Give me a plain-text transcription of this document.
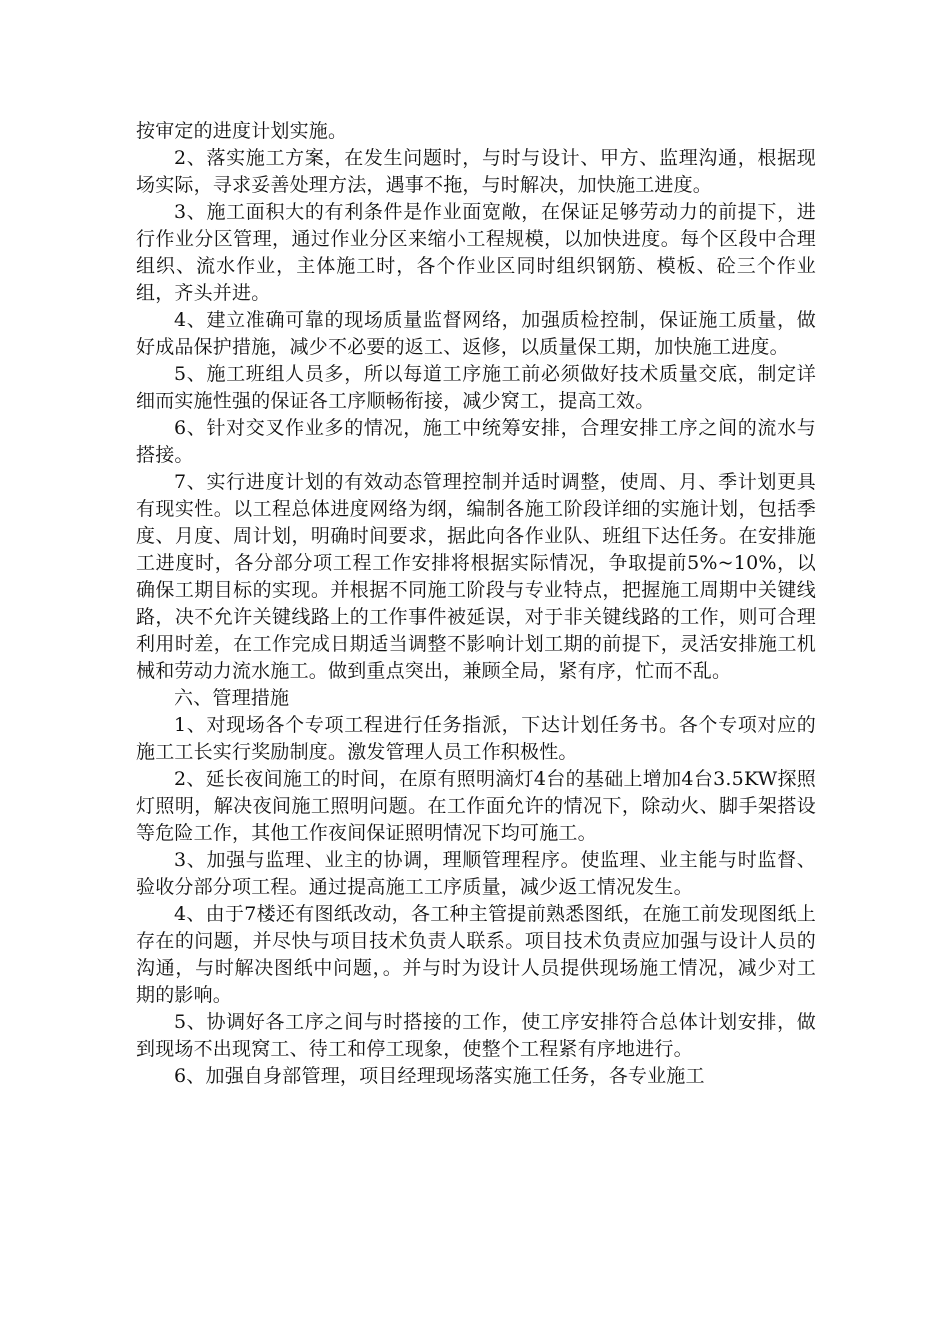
按审定的进度计划实施。

2、落实施工方案，在发生问题时，与时与设计、甲方、监理沟通，根据现场实际，寻求妥善处理方法，遇事不拖，与时解决，加快施工进度。

3、施工面积大的有利条件是作业面宽敞，在保证足够劳动力的前提下，进行作业分区管理，通过作业分区来缩小工程规模，以加快进度。每个区段中合理组织、流水作业，主体施工时，各个作业区同时组织钢筋、模板、砼三个作业组，齐头并进。

4、建立准确可靠的现场质量监督网络，加强质检控制，保证施工质量，做好成品保护措施，减少不必要的返工、返修，以质量保工期，加快施工进度。

5、施工班组人员多，所以每道工序施工前必须做好技术质量交底，制定详细而实施性强的保证各工序顺畅衔接，减少窝工，提高工效。

6、针对交叉作业多的情况，施工中统筹安排，合理安排工序之间的流水与搭接。

7、实行进度计划的有效动态管理控制并适时调整，使周、月、季计划更具有现实性。以工程总体进度网络为纲，编制各施工阶段详细的实施计划，包括季度、月度、周计划，明确时间要求，据此向各作业队、班组下达任务。在安排施工进度时，各分部分项工程工作安排将根据实际情况，争取提前5%~10%，以确保工期目标的实现。并根据不同施工阶段与专业特点，把握施工周期中关键线路，决不允许关键线路上的工作事件被延误，对于非关键线路的工作，则可合理利用时差，在工作完成日期适当调整不影响计划工期的前提下，灵活安排施工机械和劳动力流水施工。做到重点突出，兼顾全局，紧有序，忙而不乱。

六、管理措施

1、对现场各个专项工程进行任务指派，下达计划任务书。各个专项对应的施工工长实行奖励制度。激发管理人员工作积极性。

2、延长夜间施工的时间，在原有照明滴灯4台的基础上增加4台3.5KW探照灯照明，解决夜间施工照明问题。在工作面允许的情况下，除动火、脚手架搭设等危险工作，其他工作夜间保证照明情况下均可施工。

3、加强与监理、业主的协调，理顺管理程序。使监理、业主能与时监督、验收分部分项工程。通过提高施工工序质量，减少返工情况发生。

4、由于7楼还有图纸改动，各工种主管提前熟悉图纸，在施工前发现图纸上存在的问题，并尽快与项目技术负责人联系。项目技术负责应加强与设计人员的沟通，与时解决图纸中问题，。并与时为设计人员提供现场施工情况，减少对工期的影响。

5、协调好各工序之间与时搭接的工作，使工序安排符合总体计划安排，做到现场不出现窝工、待工和停工现象，使整个工程紧有序地进行。

6、加强自身部管理，项目经理现场落实施工任务，各专业施工
